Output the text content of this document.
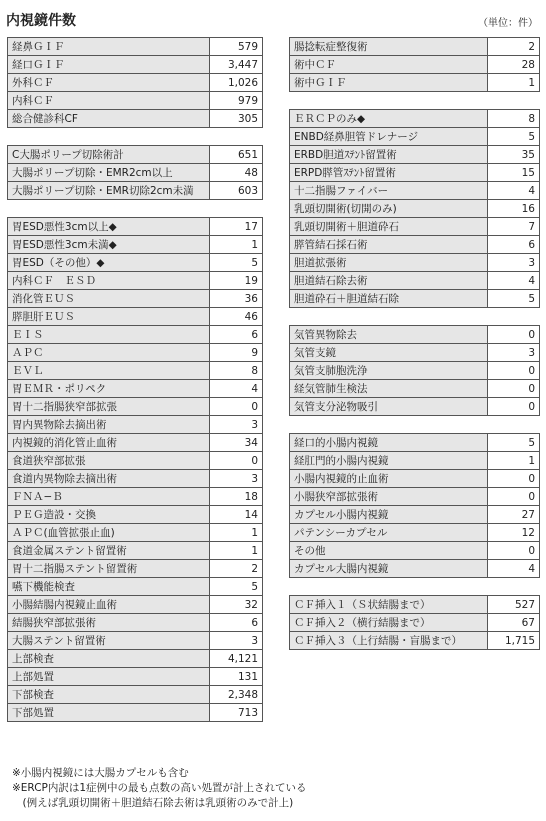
内視鏡件数	（単位：件）
経鼻ＧＩＦ	579
経口ＧＩＦ	3,447
外科ＣＦ	1,026
内科ＣＦ	979
総合健診科CF	305

C大腸ポリープ切除術計	651
大腸ポリープ切除・EMR2cm以上	48
大腸ポリープ切除・EMR切除2cm未満	603

胃ESD悪性3cm以上◆	17
胃ESD悪性3cm未満◆	1
胃ESD（その他）◆	5
内科ＣＦ　ＥＳＤ	19
消化管ＥＵＳ	36
膵胆肝ＥＵＳ	46
ＥＩＳ	6
ＡＰＣ	9
ＥＶＬ	8
胃ＥＭＲ・ポリペク	4
胃十二指腸狭窄部拡張	0
胃内異物除去摘出術	3
内視鏡的消化管止血術	34
食道狭窄部拡張	0
食道内異物除去摘出術	3
ＦＮＡ−Ｂ	18
ＰＥＧ造設・交換	14
ＡＰＣ(血管拡張止血)	1
食道金属ステント留置術	1
胃十二指腸ステント留置術	2
嚥下機能検査	5
小腸結腸内視鏡止血術	32
結腸狭窄部拡張術	6
大腸ステント留置術	3
上部検査	4,121
上部処置	131
下部検査	2,348
下部処置	713
腸捻転症整復術	2
術中ＣＦ	28
術中ＧＩＦ	1

ＥＲＣＰのみ◆	8
ENBD経鼻胆管ドレナージ	5
ERBD胆道ｽﾃﾝﾄ留置術	35
ERPD膵管ｽﾃﾝﾄ留置術	15
十二指腸ファイバー	4
乳頭切開術(切開のみ)	16
乳頭切開術＋胆道砕石	7
膵管結石採石術	6
胆道拡張術	3
胆道結石除去術	4
胆道砕石＋胆道結石除	5

気管異物除去	0
気管支鏡	3
気管支肺胞洗浄	0
経気管肺生検法	0
気管支分泌物吸引	0

経口的小腸内視鏡	5
経肛門的小腸内視鏡	1
小腸内視鏡的止血術	0
小腸狭窄部拡張術	0
カプセル小腸内視鏡	27
パテンシーカプセル	12
その他	0
カプセル大腸内視鏡	4

ＣＦ挿入１（Ｓ状結腸まで）	527
ＣＦ挿入２（横行結腸まで）	67
ＣＦ挿入３（上行結腸・盲腸まで）	1,715
※小腸内視鏡には大腸カプセルも含む
※ERCP内訳は1症例中の最も点数の高い処置が計上されている
　(例えば乳頭切開術＋胆道結石除去術は乳頭術のみで計上)
